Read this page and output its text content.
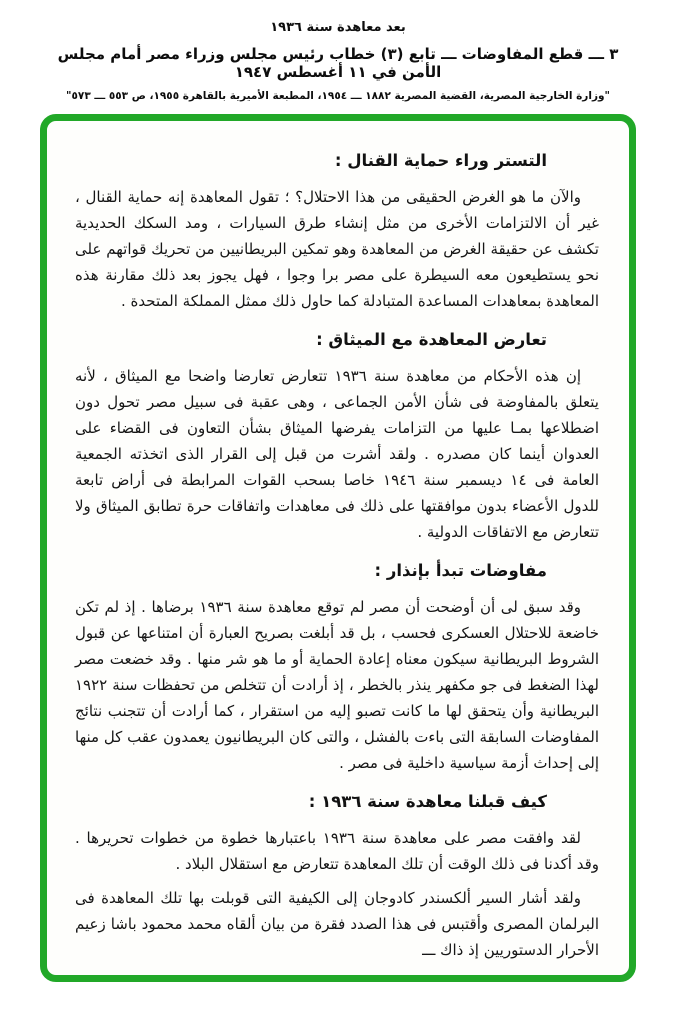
بعد معاهدة سنة ١٩٣٦
٣ ـــ قطع المفاوضات ـــ تابع (٣) خطاب رئيس مجلس وزراء مصر أمام مجلس الأمن في ١١ أغسطس ١٩٤٧
"وزارة الخارجية المصرية، القضية المصرية ١٨٨٢ ـــ ١٩٥٤، المطبعة الأميرية بالقاهرة ١٩٥٥، ص ٥٥٣ ـــ ٥٧٣"
التستر وراء حماية القنال :

والآن ما هو الغرض الحقيقى من هذا الاحتلال؟ ؛ تقول المعاهدة إنه حماية القنال ، غير أن الالتزامات الأخرى من مثل إنشاء طرق السيارات ، ومد السكك الحديدية تكشف عن حقيقة الغرض من المعاهدة وهو تمكين البريطانيين من تحريك قواتهم على نحو يستطيعون معه السيطرة على مصر برا وجوا ، فهل يجوز بعد ذلك مقارنة هذه المعاهدة بمعاهدات المساعدة المتبادلة كما حاول ذلك ممثل المملكة المتحدة .

تعارض المعاهدة مع الميثاق :

إن هذه الأحكام من معاهدة سنة ١٩٣٦ تتعارض تعارضا واضحا مع الميثاق ، لأنه يتعلق بالمفاوضة فى شأن الأمن الجماعى ، وهى عقبة فى سبيل مصر تحول دون اضطلاعها بمـا عليها من التزامات يفرضها الميثاق بشأن التعاون فى القضاء على العدوان أينما كان مصدره . ولقد أشرت من قبل إلى القرار الذى اتخذته الجمعية العامة فى ١٤ ديسمبر سنة ١٩٤٦ خاصا بسحب القوات المرابطة فى أراض تابعة للدول الأعضاء بدون موافقتها على ذلك فى معاهدات واتفاقات حرة تطابق الميثاق ولا تتعارض مع الاتفاقات الدولية .

مفاوضات تبدأ بإنذار :

وقد سبق لى أن أوضحت أن مصر لم توقع معاهدة سنة ١٩٣٦ برضاها . إذ لم تكن خاضعة للاحتلال العسكرى فحسب ، بل قد أبلغت بصريح العبارة أن امتناعها عن قبول الشروط البريطانية سيكون معناه إعادة الحماية أو ما هو شر منها . وقد خضعت مصر لهذا الضغط فى جو مكفهر ينذر بالخطر ، إذ أرادت أن تتخلص من تحفظات سنة ١٩٢٢ البريطانية وأن يتحقق لها ما كانت تصبو إليه من استقرار ، كما أرادت أن تتجنب نتائج المفاوضات السابقة التى باءت بالفشل ، والتى كان البريطانيون يعمدون عقب كل منها إلى إحداث أزمة سياسية داخلية فى مصر .

كيف قبلنا معاهدة سنة ١٩٣٦ :

لقد وافقت مصر على معاهدة سنة ١٩٣٦ باعتبارها خطوة من خطوات تحريرها . وقد أكدنا فى ذلك الوقت أن تلك المعاهدة تتعارض مع استقلال البلاد .

ولقد أشار السير ألكسندر كادوجان إلى الكيفية التى قوبلت بها تلك المعاهدة فى البرلمان المصرى وأقتبس فى هذا الصدد فقرة من بيان ألقاه محمد محمود باشا زعيم الأحرار الدستوريين إذ ذاك ـــ
